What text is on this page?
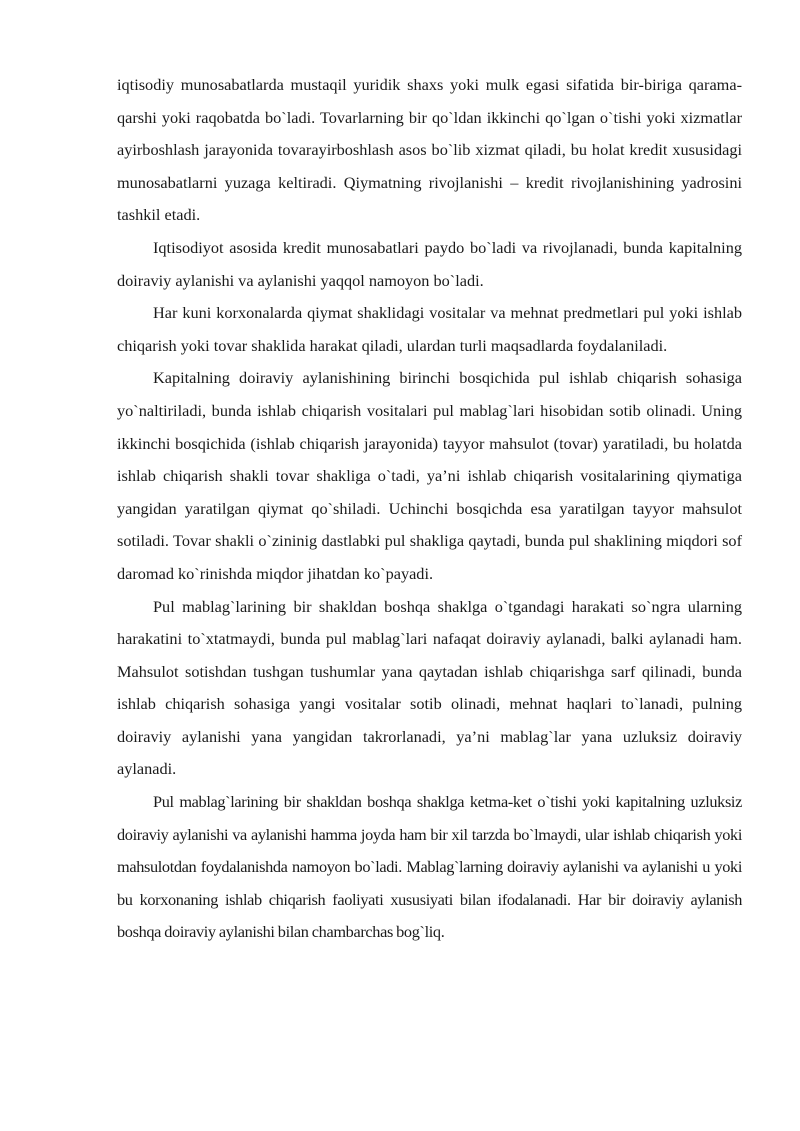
iqtisodiy munosabatlarda mustaqil yuridik shaxs yoki mulk egasi sifatida bir-biriga qarama-qarshi yoki raqobatda bo`ladi. Tovarlarning bir qo`ldan ikkinchi qo`lgan o`tishi yoki xizmatlar ayirboshlash jarayonida tovarayirboshlash asos bo`lib xizmat qiladi, bu holat kredit xususidagi munosabatlarni yuzaga keltiradi. Qiymatning rivojlanishi – kredit rivojlanishining yadrosini tashkil etadi.

Iqtisodiyot asosida kredit munosabatlari paydo bo`ladi va rivojlanadi, bunda kapitalning doiraviy aylanishi va aylanishi yaqqol namoyon bo`ladi.

Har kuni korxonalarda qiymat shaklidagi vositalar va mehnat predmetlari pul yoki ishlab chiqarish yoki tovar shaklida harakat qiladi, ulardan turli maqsadlarda foydalaniladi.

Kapitalning doiraviy aylanishining birinchi bosqichida pul ishlab chiqarish sohasiga yo`naltiriladi, bunda ishlab chiqarish vositalari pul mablag`lari hisobidan sotib olinadi. Uning ikkinchi bosqichida (ishlab chiqarish jarayonida) tayyor mahsulot (tovar) yaratiladi, bu holatda ishlab chiqarish shakli tovar shakliga o`tadi, ya’ni ishlab chiqarish vositalarining qiymatiga yangidan yaratilgan qiymat qo`shiladi. Uchinchi bosqichda esa yaratilgan tayyor mahsulot sotiladi. Tovar shakli o`zininig dastlabki pul shakliga qaytadi, bunda pul shaklining miqdori sof daromad ko`rinishda miqdor jihatdan ko`payadi.

Pul mablag`larining bir shakldan boshqa shaklga o`tgandagi harakati so`ngra ularning harakatini to`xtatmaydi, bunda pul mablag`lari nafaqat doiraviy aylanadi, balki aylanadi ham. Mahsulot sotishdan tushgan tushumlar yana qaytadan ishlab chiqarishga sarf qilinadi, bunda ishlab chiqarish sohasiga yangi vositalar sotib olinadi, mehnat haqlari to`lanadi, pulning doiraviy aylanishi yana yangidan takrorlanadi, ya’ni mablag`lar yana uzluksiz doiraviy aylanadi.

Pul mablag`larining bir shakldan boshqa shaklga ketma-ket o`tishi yoki kapitalning uzluksiz doiraviy aylanishi va aylanishi hamma joyda ham bir xil tarzda bo`lmaydi, ular ishlab chiqarish yoki mahsulotdan foydalanishda namoyon bo`ladi. Mablag`larning doiraviy aylanishi va aylanishi u yoki bu korxonaning ishlab chiqarish faoliyati xususiyati bilan ifodalanadi. Har bir doiraviy aylanish boshqa doiraviy aylanishi bilan chambarchas bog`liq.
